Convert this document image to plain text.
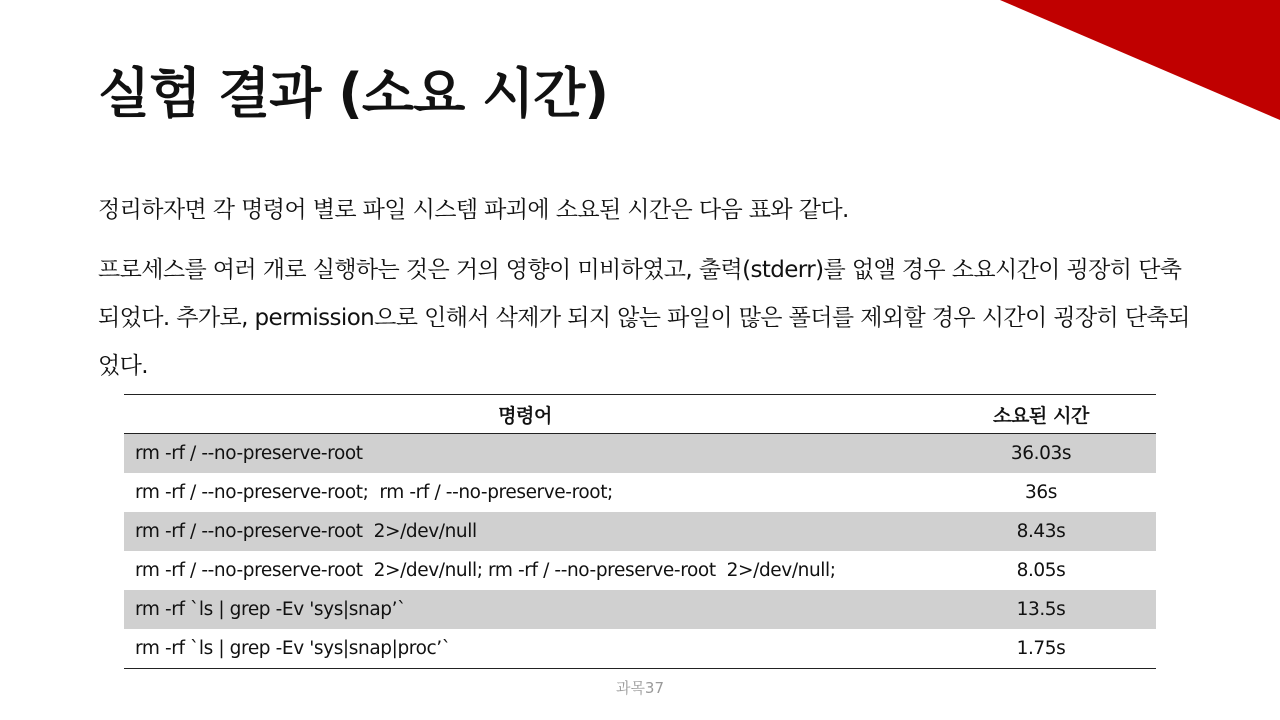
실험 결과 (소요 시간)

정리하자면 각 명령어 별로 파일 시스템 파괴에 소요된 시간은 다음 표와 같다.

프로세스를 여러 개로 실행하는 것은 거의 영향이 미비하였고, 출력(stderr)를 없앨 경우 소요시간이 굉장히 단축되었다. 추가로, permission으로 인해서 삭제가 되지 않는 파일이 많은 폴더를 제외할 경우 시간이 굉장히 단축되었다.

명령어	소요된 시간
rm -rf / --no-preserve-root	36.03s
rm -rf / --no-preserve-root;  rm -rf / --no-preserve-root;	36s
rm -rf / --no-preserve-root  2>/dev/null	8.43s
rm -rf / --no-preserve-root  2>/dev/null; rm -rf / --no-preserve-root  2>/dev/null;	8.05s
rm -rf `ls | grep -Ev 'sys|snap’`	13.5s
rm -rf `ls | grep -Ev 'sys|snap|proc’`	1.75s
과목37
